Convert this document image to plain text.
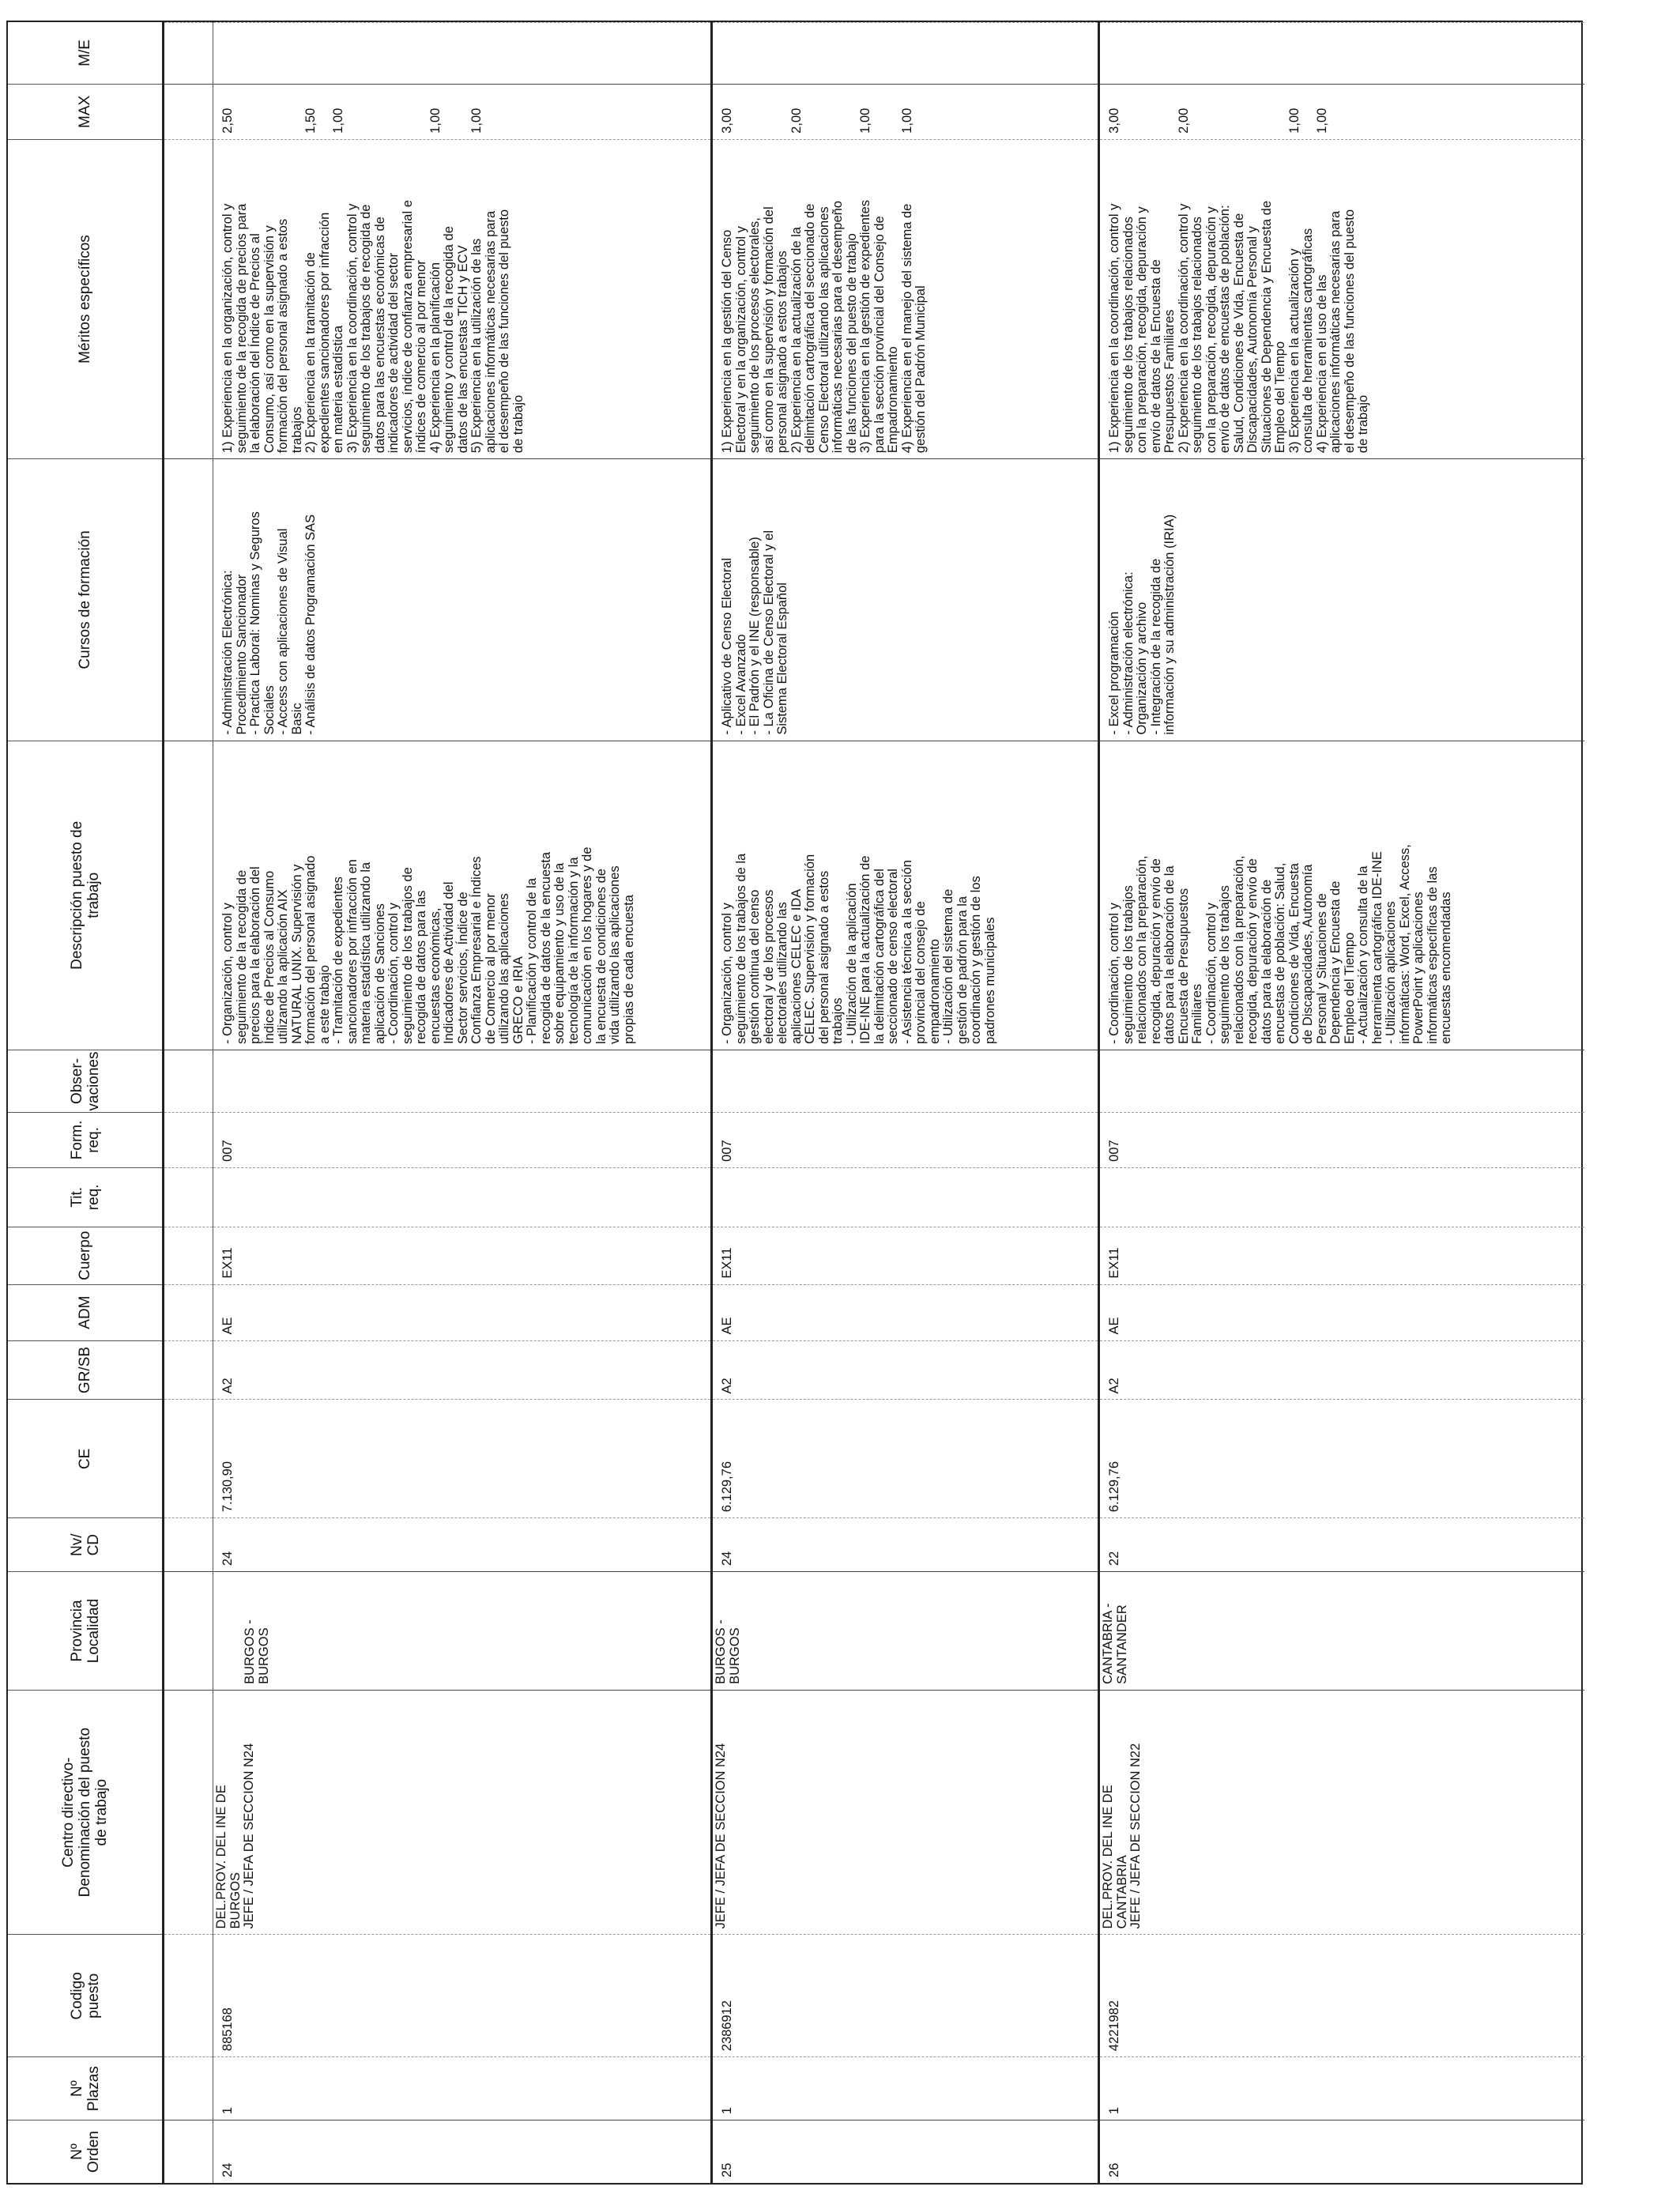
Nº
Orden
Nº
Plazas
Codigo
puesto
Centro directivo-
Denominación del puesto
de trabajo
Provincia
Localidad
Nv/
CD
CE
GR/SB
ADM
Cuerpo
Tit.
req.
Form.
req.
Obser-
vaciones
Descripción puesto de
trabajo
Cursos de formación
Méritos específicos
MAX
M/E
24
1
885168
DEL.PROV. DEL INE DE
BURGOS JEFE / JEFA DE SECCION N24
BURGOS -
BURGOS
24
7.130,90
A2
AE
EX11
007
- Organización, control y
seguimiento de la recogida de
precios para la elaboración del
Índice de Precios al Consumo
utilizando la aplicación AIX
NATURAL UNIX. Supervisión y
formación del personal asignado
a este trabajo
- Tramitación de expedientes
sancionadores por infracción en
materia estadística utilizando la
aplicación de Sanciones
- Coordinación, control y
seguimiento de los trabajos de
recogida de datos para las
encuestas económicas,
Indicadores de Actividad del
Sector servicios, Índice de
Confianza Empresarial e Índices
de Comercio al por menor
utilizando las aplicaciones
GRECO e IRIA
- Planificación y control de la
recogida de datos de la encuesta
sobre equipamiento y uso de la
tecnología de la información y la
comunicación en los hogares y de
la encuesta de condiciones de
vida utilizando las aplicaciones
propias de cada encuesta
- Administración Electrónica:
Procedimiento Sancionador
- Practica Laboral: Nominas y Seguros
Sociales
- Access con aplicaciones de Visual
Basic
- Análisis de datos Programación SAS
1) Experiencia en la organización, control y
seguimiento de la recogida de precios para
la elaboración del Índice de Precios al
Consumo, así como en la supervisión y
formación del personal asignado a estos
trabajos
2) Experiencia en la tramitación de
expedientes sancionadores por infracción
en materia estadística
3) Experiencia en la coordinación, control y
seguimiento de los trabajos de recogida de
datos para las encuestas económicas de
indicadores de actividad del sector
servicios, índice de confianza empresarial e
índices de comercio al por menor
4) Experiencia en la planificación
seguimiento y control de la recogida de
datos de las encuestas TICH y ECV
5) Experiencia en la utilización de las
aplicaciones informáticas necesarias para
el desempeño de las funciones del puesto
de trabajo
2,50

1,50

1,00

1,00

1,00
25
1
2386912
JEFE / JEFA DE SECCION N24
BURGOS -
BURGOS
24
6.129,76
A2
AE
EX11
007
- Organización, control y
seguimiento de los trabajos de la
gestión continua del censo
electoral y de los procesos
electorales utilizando las
aplicaciones CELEC e IDA
CELEC. Supervisión y formación
del personal asignado a estos
trabajos
- Utilización de la aplicación
IDE-INE para la actualización de
la delimitación cartográfica del
seccionado de censo electoral
- Asistencia técnica a la sección
provincial del consejo de
empadronamiento
- Utilización del sistema de
gestión de padrón para la
coordinación y gestión de los
padrones municipales
- Aplicativo de Censo Electoral
- Excel Avanzado
- El Padrón y el INE (responsable)
- La Oficina de Censo Electoral y el
Sistema Electoral Español
1) Experiencia en la gestión del Censo
Electoral y en la organización, control y
seguimiento de los procesos electorales,
así como en la supervisión y formación del
personal asignado a estos trabajos
2) Experiencia en la actualización de la
delimitación cartográfica del seccionado de
Censo Electoral utilizando las aplicaciones
informáticas necesarias para el desempeño
de las funciones del puesto de trabajo
3) Experiencia en la gestión de expedientes
para la sección provincial del Consejo de
Empadronamiento
4) Experiencia en el manejo del sistema de
gestión del Padrón Municipal
3,00

2,00

1,00

1,00
26
1
4221982
DEL.PROV. DEL INE DE
CANTABRIA JEFE / JEFA DE SECCION N22
CANTABRIA -
SANTANDER
22
6.129,76
A2
AE
EX11
007
- Coordinación, control y
seguimiento de los trabajos
relacionados con la preparación,
recogida, depuración y envío de
datos para la elaboración de la
Encuesta de Presupuestos
Familiares
- Coordinación, control y
seguimiento de los trabajos
relacionados con la preparación,
recogida, depuración y envío de
datos para la elaboración de
encuestas de población: Salud,
Condiciones de Vida, Encuesta
de Discapacidades, Autonomía
Personal y Situaciones de
Dependencia y Encuesta de
Empleo del Tiempo
- Actualización y consulta de la
herramienta cartográfica IDE-INE
- Utilización aplicaciones
informáticas: Word, Excel, Access,
PowerPoint y aplicaciones
informáticas específicas de las
encuestas encomendadas
- Excel programación
- Administración electrónica:
Organización y archivo
- Integración de la recogida de
información y su administración (IRIA)
1) Experiencia en la coordinación, control y
seguimiento de los trabajos relacionados
con la preparación, recogida, depuración y
envío de datos de la Encuesta de
Presupuestos Familiares
2) Experiencia en la coordinación, control y
seguimiento de los trabajos relacionados
con la preparación, recogida, depuración y
envío de datos de encuestas de población:
Salud, Condiciones de Vida, Encuesta de
Discapacidades, Autonomía Personal y
Situaciones de Dependencia y Encuesta de
Empleo del Tiempo
3) Experiencia en la actualización y
consulta de herramientas cartográficas
4) Experiencia en el uso de las
aplicaciones informáticas necesarias para
el desempeño de las funciones del puesto
de trabajo
3,00

2,00

1,00

1,00
